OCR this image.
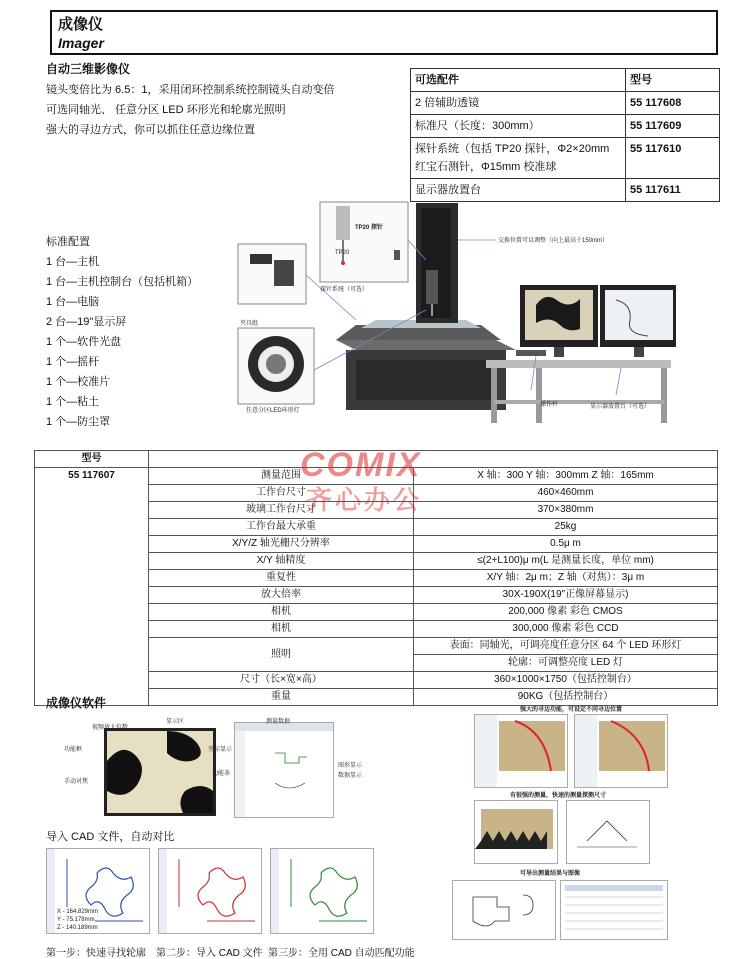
成像仪
Imager
自动三维影像仪
镜头变倍比为 6.5：1，采用闭环控制系统控制镜头自动变倍
可选同轴光、 任意分区 LED 环形光和轮廓光照明
强大的寻边方式，你可以抓住任意边缘位置
可选配件	型号
2 倍辅助透镜	55 117608
标准尺（长度：300mm）	55 117609
探针系统（包括 TP20 探针，Φ2×20mm 红宝石测针，Φ15mm 校准球	55 117610
显示器放置台	55 117611
标准配置
1 台—主机
1 台—主机控制台（包括机箱）
1 台—电脑
2 台—19"显示屏
1 个—软件光盘
1 个—摇杆
1 个—校准片
1 个—粘土
1 个—防尘罩
TP20 探针
TP20
探针系统（可选）
交换位置可以调整（向上最高于150mm）
夹具组
任意分区LED环形灯
操作杆	显示器放置台（可选）
型号		
55 117607	测量范围	X 轴：300 Y 轴：300mm Z 轴：165mm
	工作台尺寸	460×460mm
	玻璃工作台尺寸	370×380mm
	工作台最大承重	25kg
	X/Y/Z 轴光栅尺分辨率	0.5μ m
	X/Y 轴精度	≤(2+L100)μ m(L 是测量长度，单位 mm)
	重复性	X/Y 轴：2μ m；Z 轴（对焦）：3μ m
	放大倍率	30X-190X(19"正像屏幕显示)
	相机	200,000 像素 彩色 CMOS
	相机	300,000 像素 彩色 CCD
	照明	表面：同轴光，可调亮度任意分区 64 个 LED 环形灯
		轮廓：可调整亮度 LED 灯
	尺寸（长×宽×高）	360×1000×1750（包括控制台）
	重量	90KG（包括控制台）
COMIX
齐心办公
成像仪软件
视频放大倍数
显示区
功能框	坐标显示
功能条
手动对焦
测量数据
图形显示
数据显示
导入 CAD 文件，自动对比
X - 164.829mm
Y - 75.178mm
Z - 140.189mm
第一步：快速寻找轮廓 第二步：导入 CAD 文件 第三步：全用 CAD 自动匹配功能
强大的寻边功能，可设定不同寻边位置
有很强的测量，快速的测量探测尺寸
可导出测量结果与图像
